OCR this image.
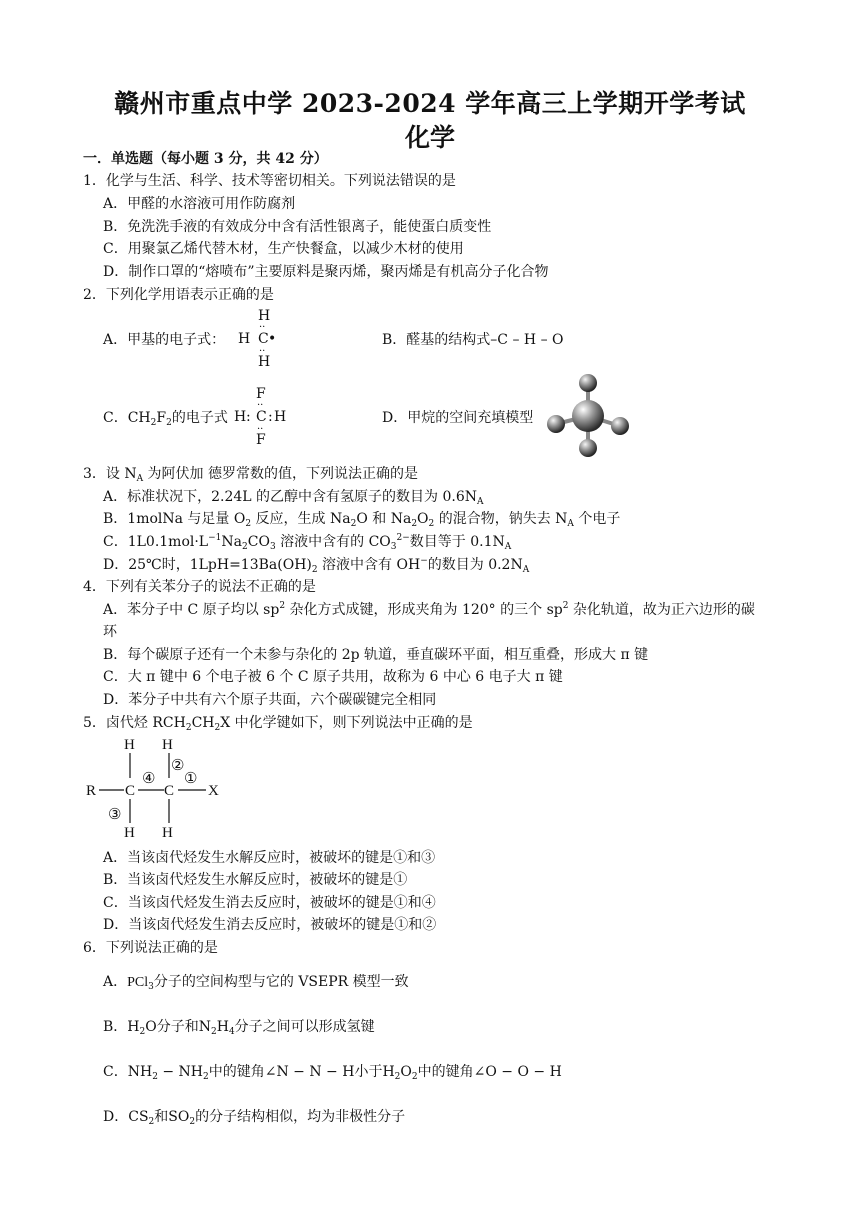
赣州市重点中学 2023-2024 学年高三上学期开学考试
化学
一．单选题（每小题 3 分，共 42 分）
1．化学与生活、科学、技术等密切相关。下列说法错误的是
A．甲醛的水溶液可用作防腐剂
B．免洗洗手液的有效成分中含有活性银离子，能使蛋白质变性
C．用聚氯乙烯代替木材，生产快餐盒，以减少木材的使用
D．制作口罩的“熔喷布”主要原料是聚丙烯，聚丙烯是有机高分子化合物
2．下列化学用语表示正确的是
A．甲基的电子式：
H
··
H C •
··
H
B．醛基的结构式–C – H – O
C．$CH_2F_2$的电子式
F
··
H : C : H
··
F
D．甲烷的空间充填模型
3．设 $N_A$ 为阿伏加 德罗常数的值，下列说法正确的是
A．标准状况下，2.24L 的乙醇中含有氢原子的数目为 $0.6N_A$
B．1molNa 与足量 $O_2$ 反应，生成 $Na_2O$ 和 $Na_2O_2$ 的混合物，钠失去 $N_A$ 个电子
C．$1L0.1mol\cdot L^{-1}Na_2CO_3$ 溶液中含有的 $CO_3^{2-}$数目等于 $0.1N_A$
D．25℃时，$1LpH=13Ba(OH)_2$ 溶液中含有 OH−的数目为 $0.2N_A$
4．下列有关苯分子的说法不正确的是
A．苯分子中 C 原子均以 $sp^2$ 杂化方式成键，形成夹角为 120° 的三个 $sp^2$ 杂化轨道，故为正六边形的碳
环
B．每个碳原子还有一个未参与杂化的 2p 轨道，垂直碳环平面，相互重叠，形成大 π 键
C．大 π 键中 6 个电子被 6 个 C 原子共用，故称为 6 中心 6 电子大 π 键
D．苯分子中共有六个原子共面，六个碳碳键完全相同
5．卤代烃 $RCH_2CH_2X$ 中化学键如下，则下列说法中正确的是
R C C X
H H
H H
④
②
①
③
A．当该卤代烃发生水解反应时，被破坏的键是①和③
B．当该卤代烃发生水解反应时，被破坏的键是①
C．当该卤代烃发生消去反应时，被破坏的键是①和④
D．当该卤代烃发生消去反应时，被破坏的键是①和②
6．下列说法正确的是
A．PCl$_3$分子的空间构型与它的 VSEPR 模型一致
B．$H_2O$分子和$N_2H_4$分子之间可以形成氢键
C．$NH_2 - NH_2$中的键角∠N − N − H小于$H_2O_2$中的键角∠O − O − H
D．$CS_2$和$SO_2$的分子结构相似，均为非极性分子
